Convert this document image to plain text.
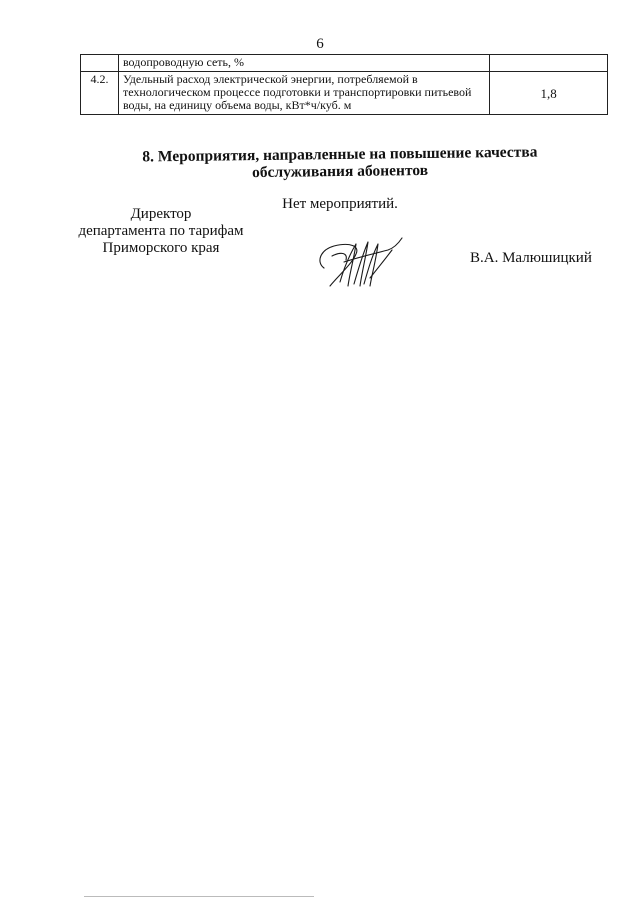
6
	водопроводную сеть, %	
4.2.	Удельный расход электрической энергии, потребляемой в технологическом процессе подготовки и транспортировки питьевой воды, на единицу объема воды, кВт*ч/куб. м	1,8
8. Мероприятия, направленные на повышение качества
обслуживания абонентов
Нет мероприятий.
Директор
департамента по тарифам
Приморского края
В.А. Малюшицкий
